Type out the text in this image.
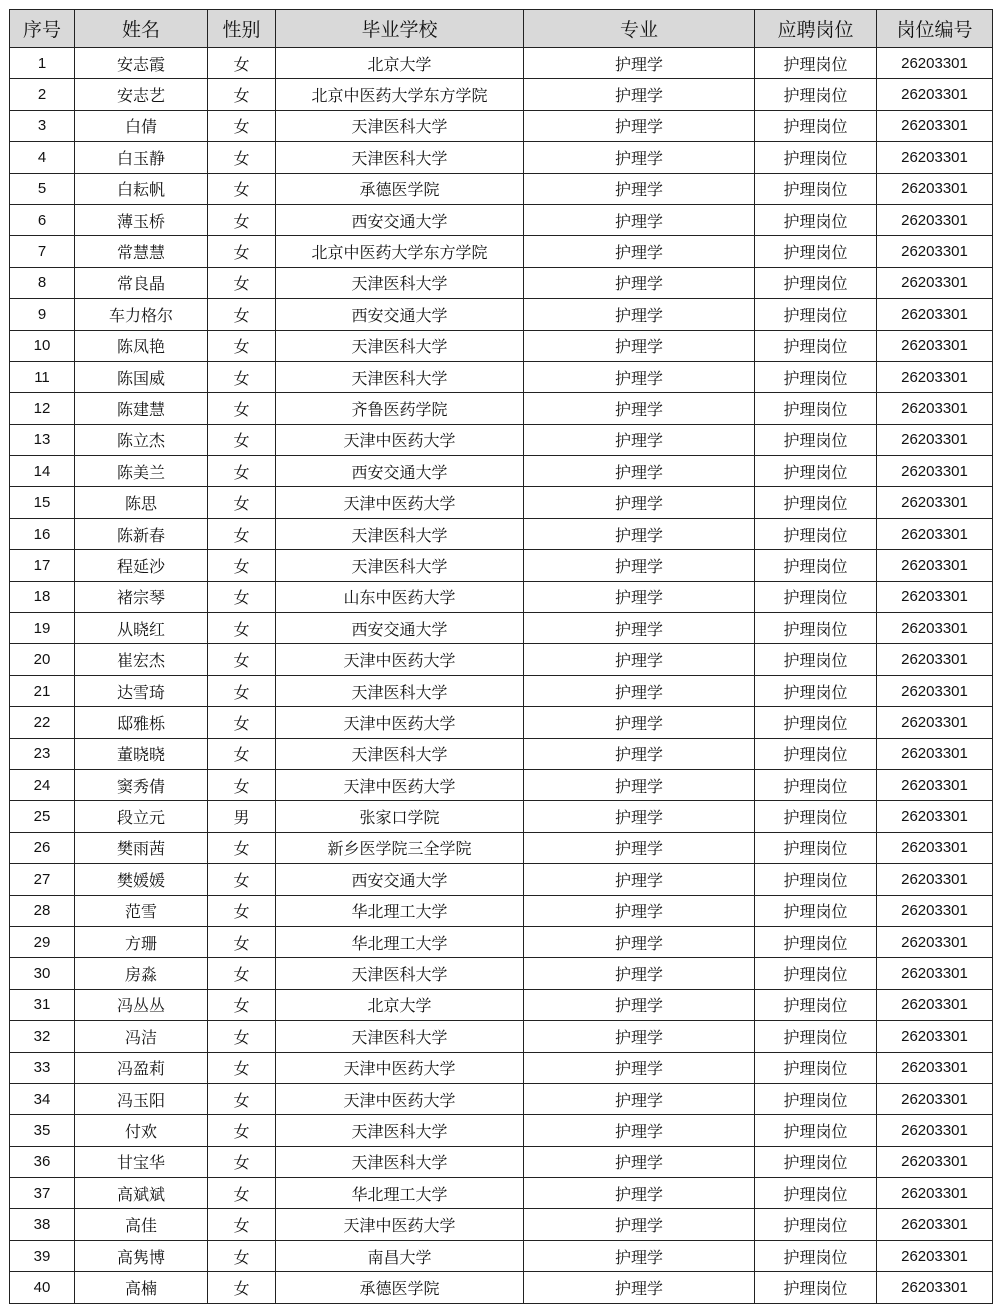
序号	姓名	性别	毕业学校	专业	应聘岗位	岗位编号
1	安志霞	女	北京大学	护理学	护理岗位	26203301
2	安志艺	女	北京中医药大学东方学院	护理学	护理岗位	26203301
3	白倩	女	天津医科大学	护理学	护理岗位	26203301
4	白玉静	女	天津医科大学	护理学	护理岗位	26203301
5	白耘帆	女	承德医学院	护理学	护理岗位	26203301
6	薄玉桥	女	西安交通大学	护理学	护理岗位	26203301
7	常慧慧	女	北京中医药大学东方学院	护理学	护理岗位	26203301
8	常良晶	女	天津医科大学	护理学	护理岗位	26203301
9	车力格尔	女	西安交通大学	护理学	护理岗位	26203301
10	陈凤艳	女	天津医科大学	护理学	护理岗位	26203301
11	陈国威	女	天津医科大学	护理学	护理岗位	26203301
12	陈建慧	女	齐鲁医药学院	护理学	护理岗位	26203301
13	陈立杰	女	天津中医药大学	护理学	护理岗位	26203301
14	陈美兰	女	西安交通大学	护理学	护理岗位	26203301
15	陈思	女	天津中医药大学	护理学	护理岗位	26203301
16	陈新春	女	天津医科大学	护理学	护理岗位	26203301
17	程延沙	女	天津医科大学	护理学	护理岗位	26203301
18	褚宗琴	女	山东中医药大学	护理学	护理岗位	26203301
19	从晓红	女	西安交通大学	护理学	护理岗位	26203301
20	崔宏杰	女	天津中医药大学	护理学	护理岗位	26203301
21	达雪琦	女	天津医科大学	护理学	护理岗位	26203301
22	邸雅栎	女	天津中医药大学	护理学	护理岗位	26203301
23	董晓晓	女	天津医科大学	护理学	护理岗位	26203301
24	窦秀倩	女	天津中医药大学	护理学	护理岗位	26203301
25	段立元	男	张家口学院	护理学	护理岗位	26203301
26	樊雨茜	女	新乡医学院三全学院	护理学	护理岗位	26203301
27	樊媛媛	女	西安交通大学	护理学	护理岗位	26203301
28	范雪	女	华北理工大学	护理学	护理岗位	26203301
29	方珊	女	华北理工大学	护理学	护理岗位	26203301
30	房淼	女	天津医科大学	护理学	护理岗位	26203301
31	冯丛丛	女	北京大学	护理学	护理岗位	26203301
32	冯洁	女	天津医科大学	护理学	护理岗位	26203301
33	冯盈莉	女	天津中医药大学	护理学	护理岗位	26203301
34	冯玉阳	女	天津中医药大学	护理学	护理岗位	26203301
35	付欢	女	天津医科大学	护理学	护理岗位	26203301
36	甘宝华	女	天津医科大学	护理学	护理岗位	26203301
37	高斌斌	女	华北理工大学	护理学	护理岗位	26203301
38	高佳	女	天津中医药大学	护理学	护理岗位	26203301
39	高隽博	女	南昌大学	护理学	护理岗位	26203301
40	高楠	女	承德医学院	护理学	护理岗位	26203301
